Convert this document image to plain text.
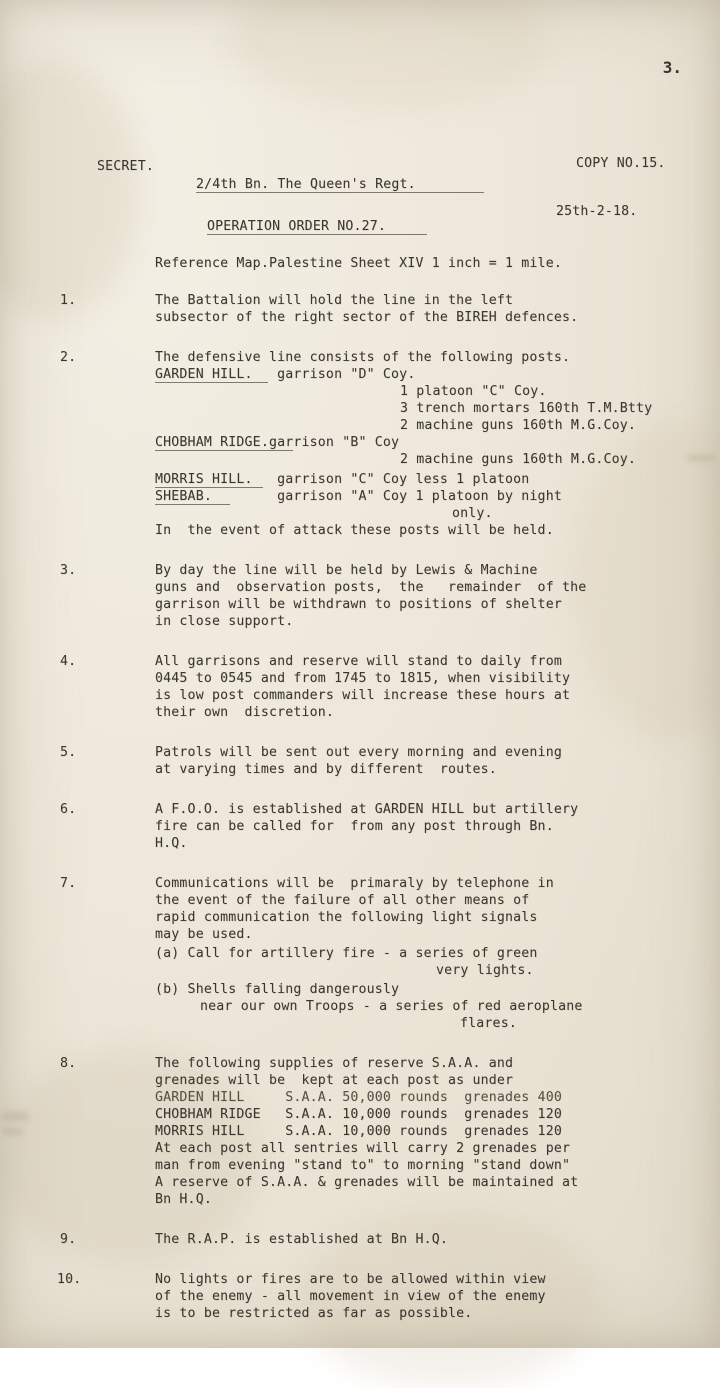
3.
SECRET.	COPY NO.15.
2/4th Bn. The Queen's Regt.
25th-2-18.
OPERATION ORDER NO.27.
Reference Map.Palestine Sheet XIV 1 inch = 1 mile.
1.	The Battalion will hold the line in the left
subsector of the right sector of the BIREH defences.
2.	The defensive line consists of the following posts.
GARDEN HILL.   garrison "D" Coy.
1 platoon "C" Coy.
3 trench mortars 160th T.M.Btty
2 machine guns 160th M.G.Coy.
CHOBHAM RIDGE.garrison "B" Coy
2 machine guns 160th M.G.Coy.
MORRIS HILL.   garrison "C" Coy less 1 platoon
SHEBAB.        garrison "A" Coy 1 platoon by night
only.
In  the event of attack these posts will be held.
3.	By day the line will be held by Lewis & Machine
guns and  observation posts,  the   remainder  of the
garrison will be withdrawn to positions of shelter
in close support.
4.	All garrisons and reserve will stand to daily from
0445 to 0545 and from 1745 to 1815, when visibility
is low post commanders will increase these hours at
their own  discretion.
5.	Patrols will be sent out every morning and evening
at varying times and by different  routes.
6.	A F.O.O. is established at GARDEN HILL but artillery
fire can be called for  from any post through Bn.
H.Q.
7.	Communications will be  primaraly by telephone in
the event of the failure of all other means of
rapid communication the following light signals
may be used.
(a) Call for artillery fire - a series of green
very lights.
(b) Shells falling dangerously
near our own Troops - a series of red aeroplane
flares.
8.	The following supplies of reserve S.A.A. and
grenades will be  kept at each post as under
GARDEN HILL     S.A.A. 50,000 rounds  grenades 400
CHOBHAM RIDGE   S.A.A. 10,000 rounds  grenades 120
MORRIS HILL     S.A.A. 10,000 rounds  grenades 120
At each post all sentries will carry 2 grenades per
man from evening "stand to" to morning "stand down"
A reserve of S.A.A. & grenades will be maintained at
Bn H.Q.
9.	The R.A.P. is established at Bn H.Q.
10.	No lights or fires are to be allowed within view
of the enemy - all movement in view of the enemy
is to be restricted as far as possible.
